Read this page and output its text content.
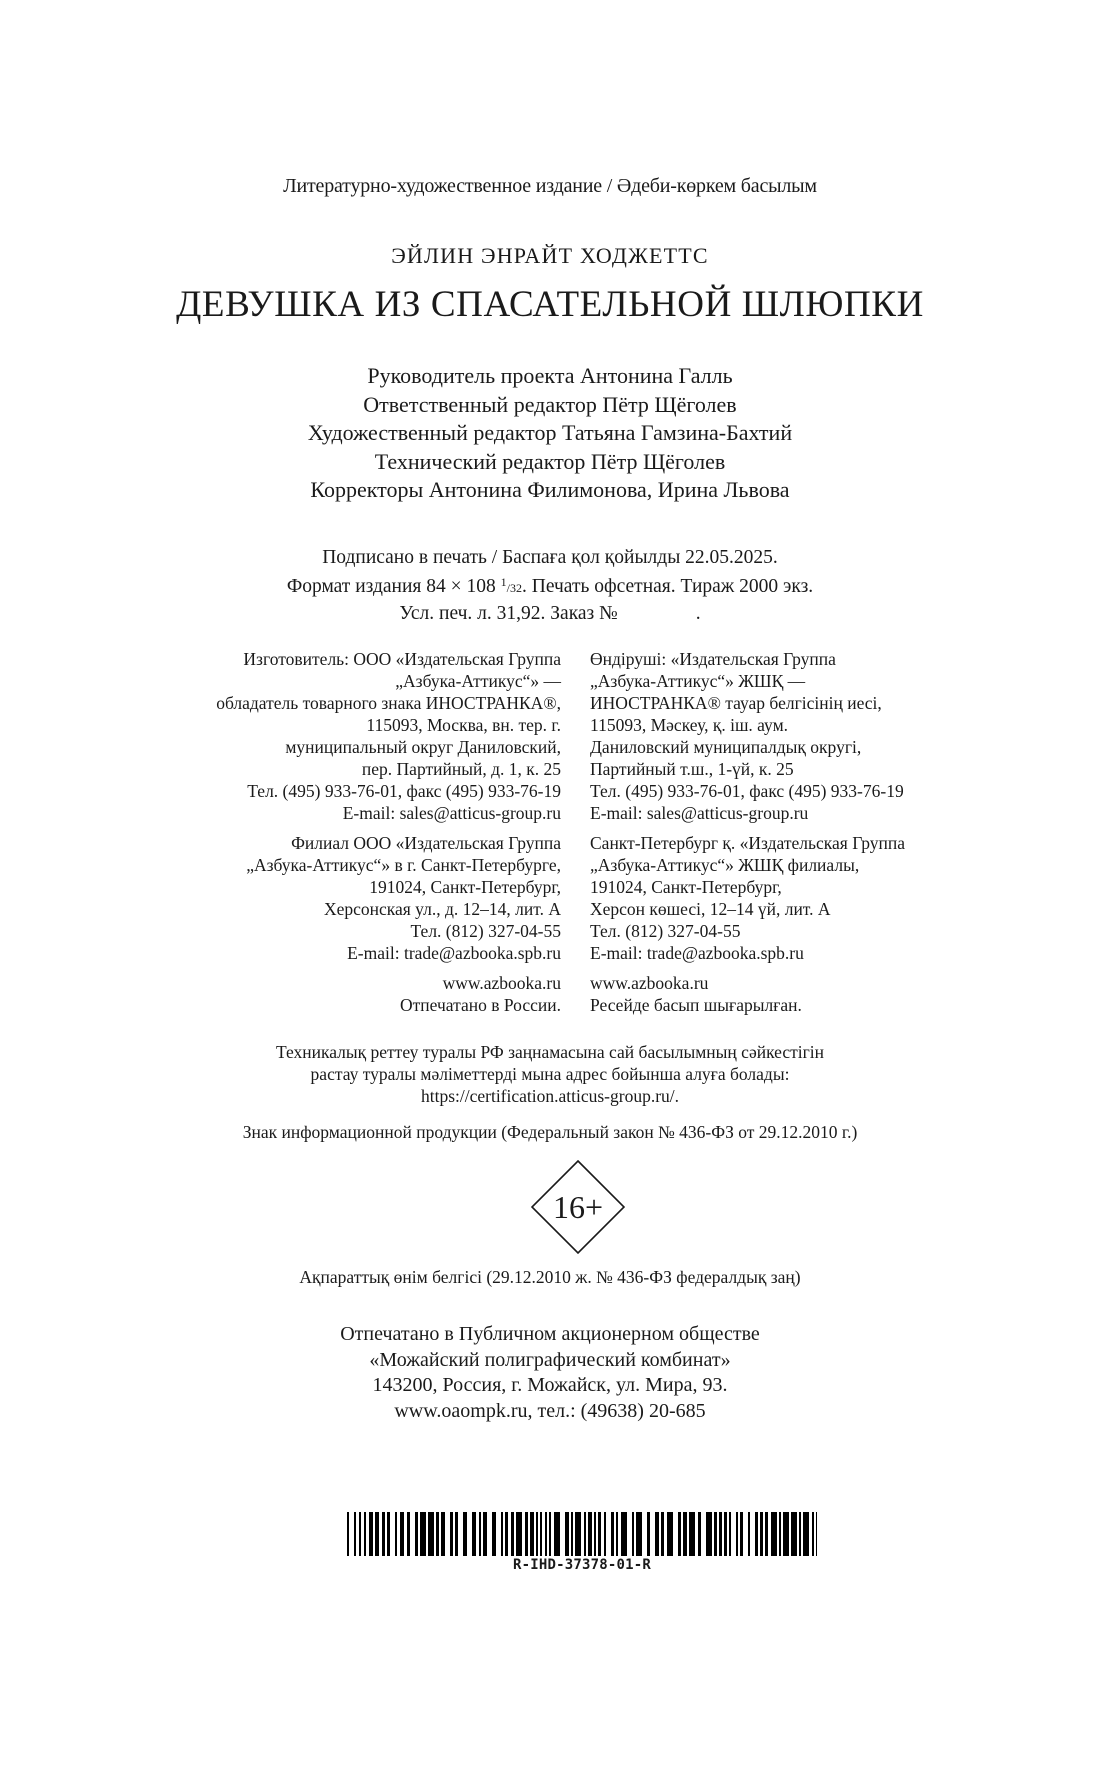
Литературно-художественное издание / Әдеби-көркем басылым
ЭЙЛИН ЭНРАЙТ ХОДЖЕТТС
ДЕВУШКА ИЗ СПАСАТЕЛЬНОЙ ШЛЮПКИ
Руководитель проекта Антонина Галль
Ответственный редактор Пётр Щёголев
Художественный редактор Татьяна Гамзина-Бахтий
Технический редактор Пётр Щёголев
Корректоры Антонина Филимонова, Ирина Львова
Подписано в печать / Баспаға қол қойылды 22.05.2025.
Формат издания 84 × 108 $^1$/32. Печать офсетная. Тираж 2000 экз.
Усл. печ. л. 31,92. Заказ №                .
Изготовитель: ООО «Издательская Группа
„Азбука-Аттикус“» —
обладатель товарного знака ИНОСТРАНКА®,
115093, Москва, вн. тер. г.
муниципальный округ Даниловский,
пер. Партийный, д. 1, к. 25
Тел. (495) 933-76-01, факс (495) 933-76-19
E-mail: sales@atticus-group.ru
Филиал ООО «Издательская Группа
„Азбука-Аттикус“» в г. Санкт-Петербурге,
191024, Санкт-Петербург,
Херсонская ул., д. 12–14, лит. А
Тел. (812) 327-04-55
E-mail: trade@azbooka.spb.ru
www.azbooka.ru
Отпечатано в России.
Өндіруші: «Издательская Группа
„Азбука-Аттикус“» ЖШҚ —
ИНОСТРАНКА® тауар белгісінің иесі,
115093, Мәскеу, қ. іш. аум.
Даниловский муниципалдық округі,
Партийный т.ш., 1-үй, к. 25
Тел. (495) 933-76-01, факс (495) 933-76-19
E-mail: sales@atticus-group.ru
Санкт-Петербург қ. «Издательская Группа
„Азбука-Аттикус“» ЖШҚ филиалы,
191024, Санкт-Петербург,
Херсон көшесі, 12–14 үй, лит. А
Тел. (812) 327-04-55
E-mail: trade@azbooka.spb.ru
www.azbooka.ru
Ресейде басып шығарылған.
Техникалық реттеу туралы РФ заңнамасына сай басылымның сәйкестігін
растау туралы мәліметтерді мына адрес бойынша алуға болады:
https://certification.atticus-group.ru/.
Знак информационной продукции (Федеральный закон № 436-ФЗ от 29.12.2010 г.)
16+
Ақпараттық өнім белгісі (29.12.2010 ж. № 436-ФЗ федералдық заң)
Отпечатано в Публичном акционерном обществе
«Можайский полиграфический комбинат»
143200, Россия, г. Можайск, ул. Мира, 93.
www.oaompk.ru, тел.: (49638) 20-685
R-IHD-37378-01-R
